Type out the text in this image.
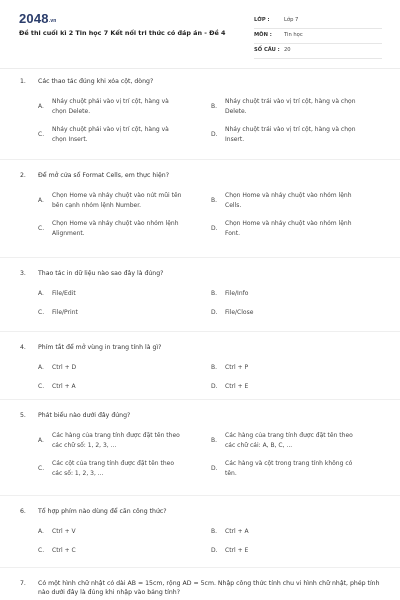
2048.vn
Đề thi cuối kì 2 Tin học 7 Kết nối tri thức có đáp án - Đề 4
LỚP :	Lớp 7
MÔN : Tin học
SỐ CÂU : 20
1. Các thao tác đúng khi xóa cột, dòng?
A.
Nháy chuột phải vào vị trí cột, hàng và
chọn Delete.
B.
Nháy chuột trái vào vị trí cột, hàng và chọn
Delete.
C.
Nháy chuột phải vào vị trí cột, hàng và
chọn Insert.
D.
Nháy chuột trái vào vị trí cột, hàng và chọn
Insert.
2. Để mở cửa sổ Format Cells, em thực hiện?
A.
Chọn Home và nháy chuột vào nút mũi tên
bên cạnh nhóm lệnh Number.
B.
Chọn Home và nháy chuột vào nhóm lệnh
Cells.
C.
Chọn Home và nháy chuột vào nhóm lệnh
Alignment.
D.
Chọn Home và nháy chuột vào nhóm lệnh
Font.
3. Thao tác in dữ liệu nào sao đây là đúng?
A. File/Edit	B. File/Info
C. File/Print	D. File/Close
4. Phím tắt để mở vùng in trang tính là gì?
A. Ctrl + D	B. Ctrl + P
C. Ctrl + A	D. Ctrl + E
5. Phát biểu nào dưới đây đúng?
A.
Các hàng của trang tính được đặt tên theo
các chữ số: 1, 2, 3, ...
B.
Các hàng của trang tính được đặt tên theo
các chữ cái: A, B, C, ...
C.
Các cột của trang tính được đặt tên theo
các số: 1, 2, 3, ...
D.
Các hàng và cột trong trang tính không có
tên.
6. Tổ hợp phím nào dùng để căn công thức?
A. Ctrl + V	B. Ctrl + A
C. Ctrl + C	D. Ctrl + E
7. Có một hình chữ nhật có dài AB = 15cm, rộng AD = 5cm. Nhập công thức tính chu vi hình chữ nhật, phép tính nào dưới đây là đúng khi nhập vào bảng tính?
